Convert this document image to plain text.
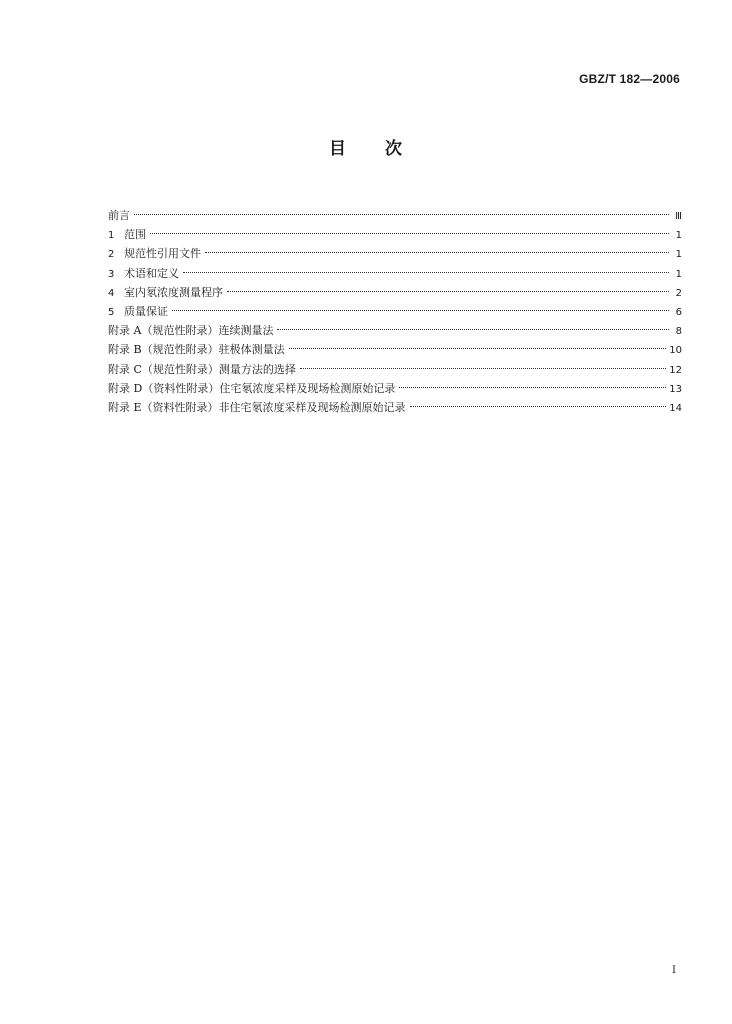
GBZ/T 182—2006
目 次
前言	Ⅲ
1 范围	1
2 规范性引用文件	1
3 术语和定义	1
4 室内氡浓度测量程序	2
5 质量保证	6
附录 A（规范性附录）连续测量法	8
附录 B（规范性附录）驻极体测量法	10
附录 C（规范性附录）测量方法的选择	12
附录 D（资料性附录）住宅氡浓度采样及现场检测原始记录	13
附录 E（资料性附录）非住宅氡浓度采样及现场检测原始记录	14
I
